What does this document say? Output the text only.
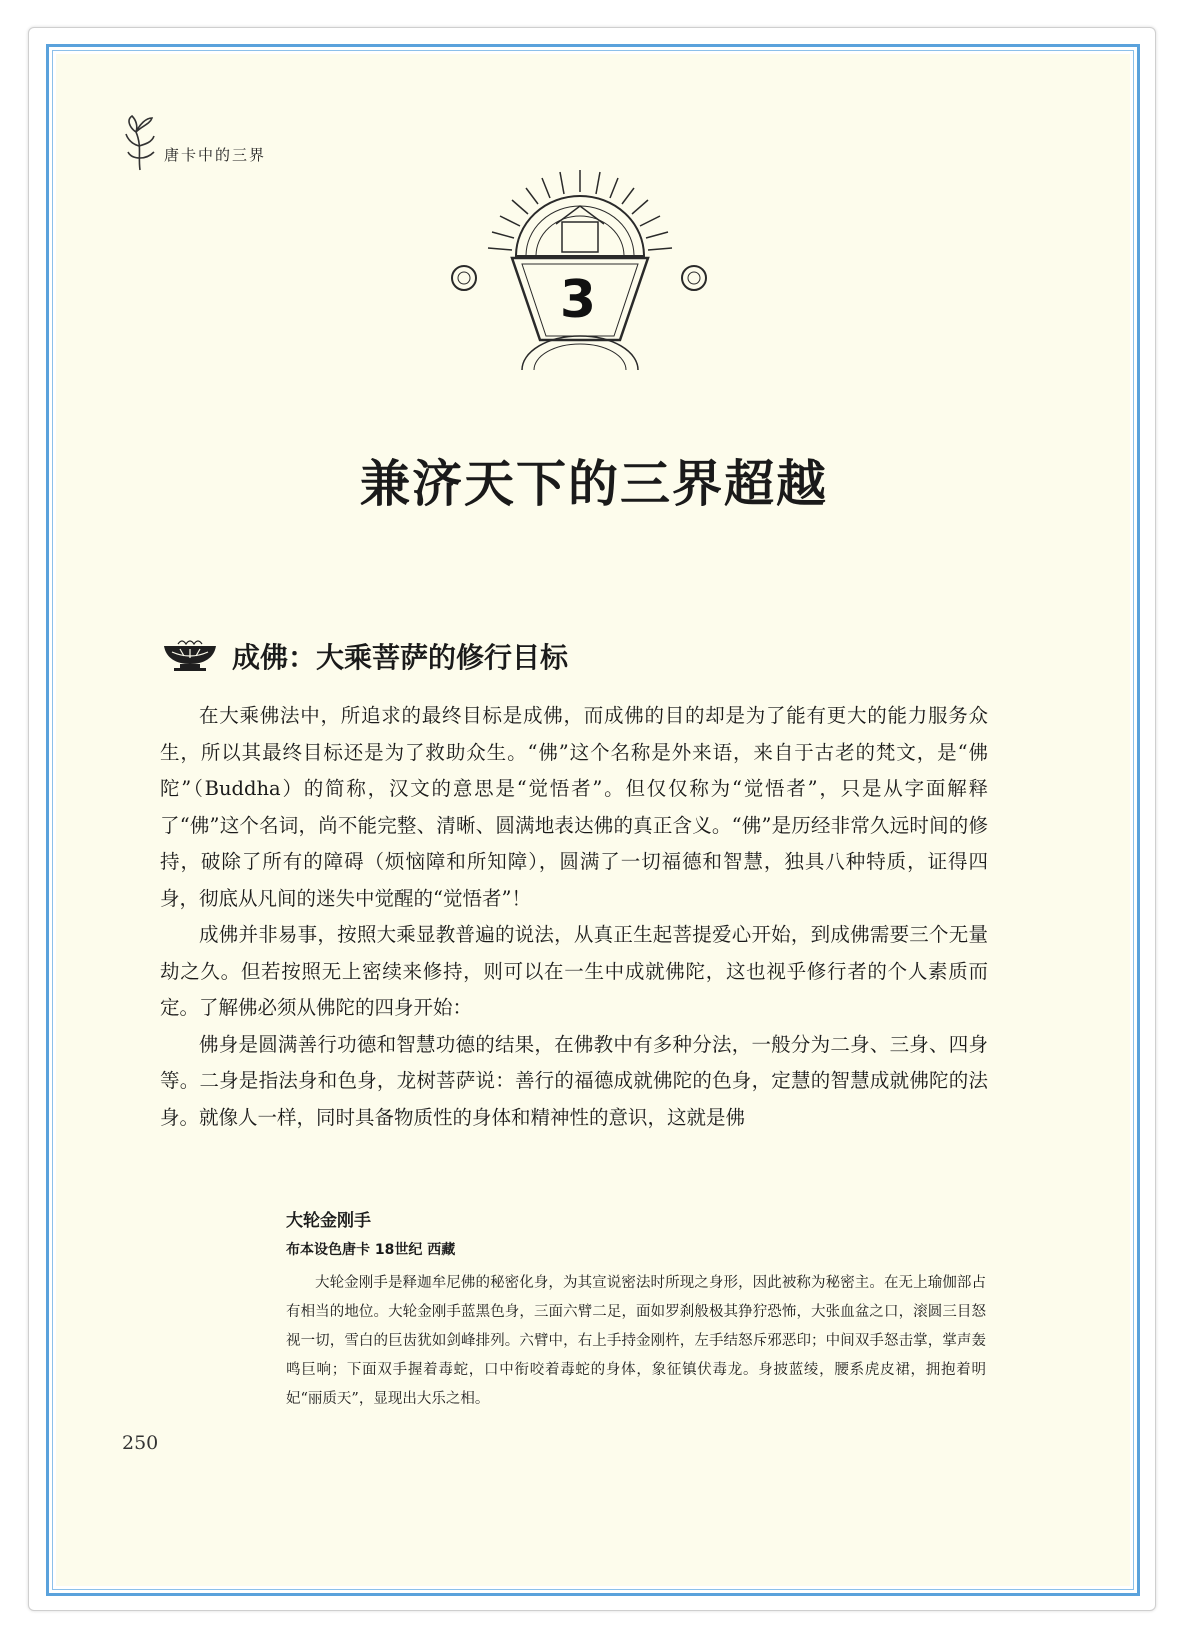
唐卡中的三界
3
兼济天下的三界超越
成佛：大乘菩萨的修行目标

在大乘佛法中，所追求的最终目标是成佛，而成佛的目的却是为了能有更大的能力服务众生，所以其最终目标还是为了救助众生。“佛”这个名称是外来语，来自于古老的梵文，是“佛陀”（Buddha）的简称，汉文的意思是“觉悟者”。但仅仅称为“觉悟者”，只是从字面解释了“佛”这个名词，尚不能完整、清晰、圆满地表达佛的真正含义。“佛”是历经非常久远时间的修持，破除了所有的障碍（烦恼障和所知障），圆满了一切福德和智慧，独具八种特质，证得四身，彻底从凡间的迷失中觉醒的“觉悟者”！

成佛并非易事，按照大乘显教普遍的说法，从真正生起菩提爱心开始，到成佛需要三个无量劫之久。但若按照无上密续来修持，则可以在一生中成就佛陀，这也视乎修行者的个人素质而定。了解佛必须从佛陀的四身开始：

佛身是圆满善行功德和智慧功德的结果，在佛教中有多种分法，一般分为二身、三身、四身等。二身是指法身和色身，龙树菩萨说：善行的福德成就佛陀的色身，定慧的智慧成就佛陀的法身。就像人一样，同时具备物质性的身体和精神性的意识，这就是佛

大轮金刚手
布本设色唐卡 18世纪 西藏
大轮金刚手是释迦牟尼佛的秘密化身，为其宣说密法时所现之身形，因此被称为秘密主。在无上瑜伽部占有相当的地位。大轮金刚手蓝黑色身，三面六臂二足，面如罗刹般极其狰狞恐怖，大张血盆之口，滚圆三目怒视一切，雪白的巨齿犹如剑峰排列。六臂中，右上手持金刚杵，左手结怒斥邪恶印；中间双手怒击掌，掌声轰鸣巨响；下面双手握着毒蛇，口中衔咬着毒蛇的身体，象征镇伏毒龙。身披蓝绫，腰系虎皮裙，拥抱着明妃“丽质天”，显现出大乐之相。
250
